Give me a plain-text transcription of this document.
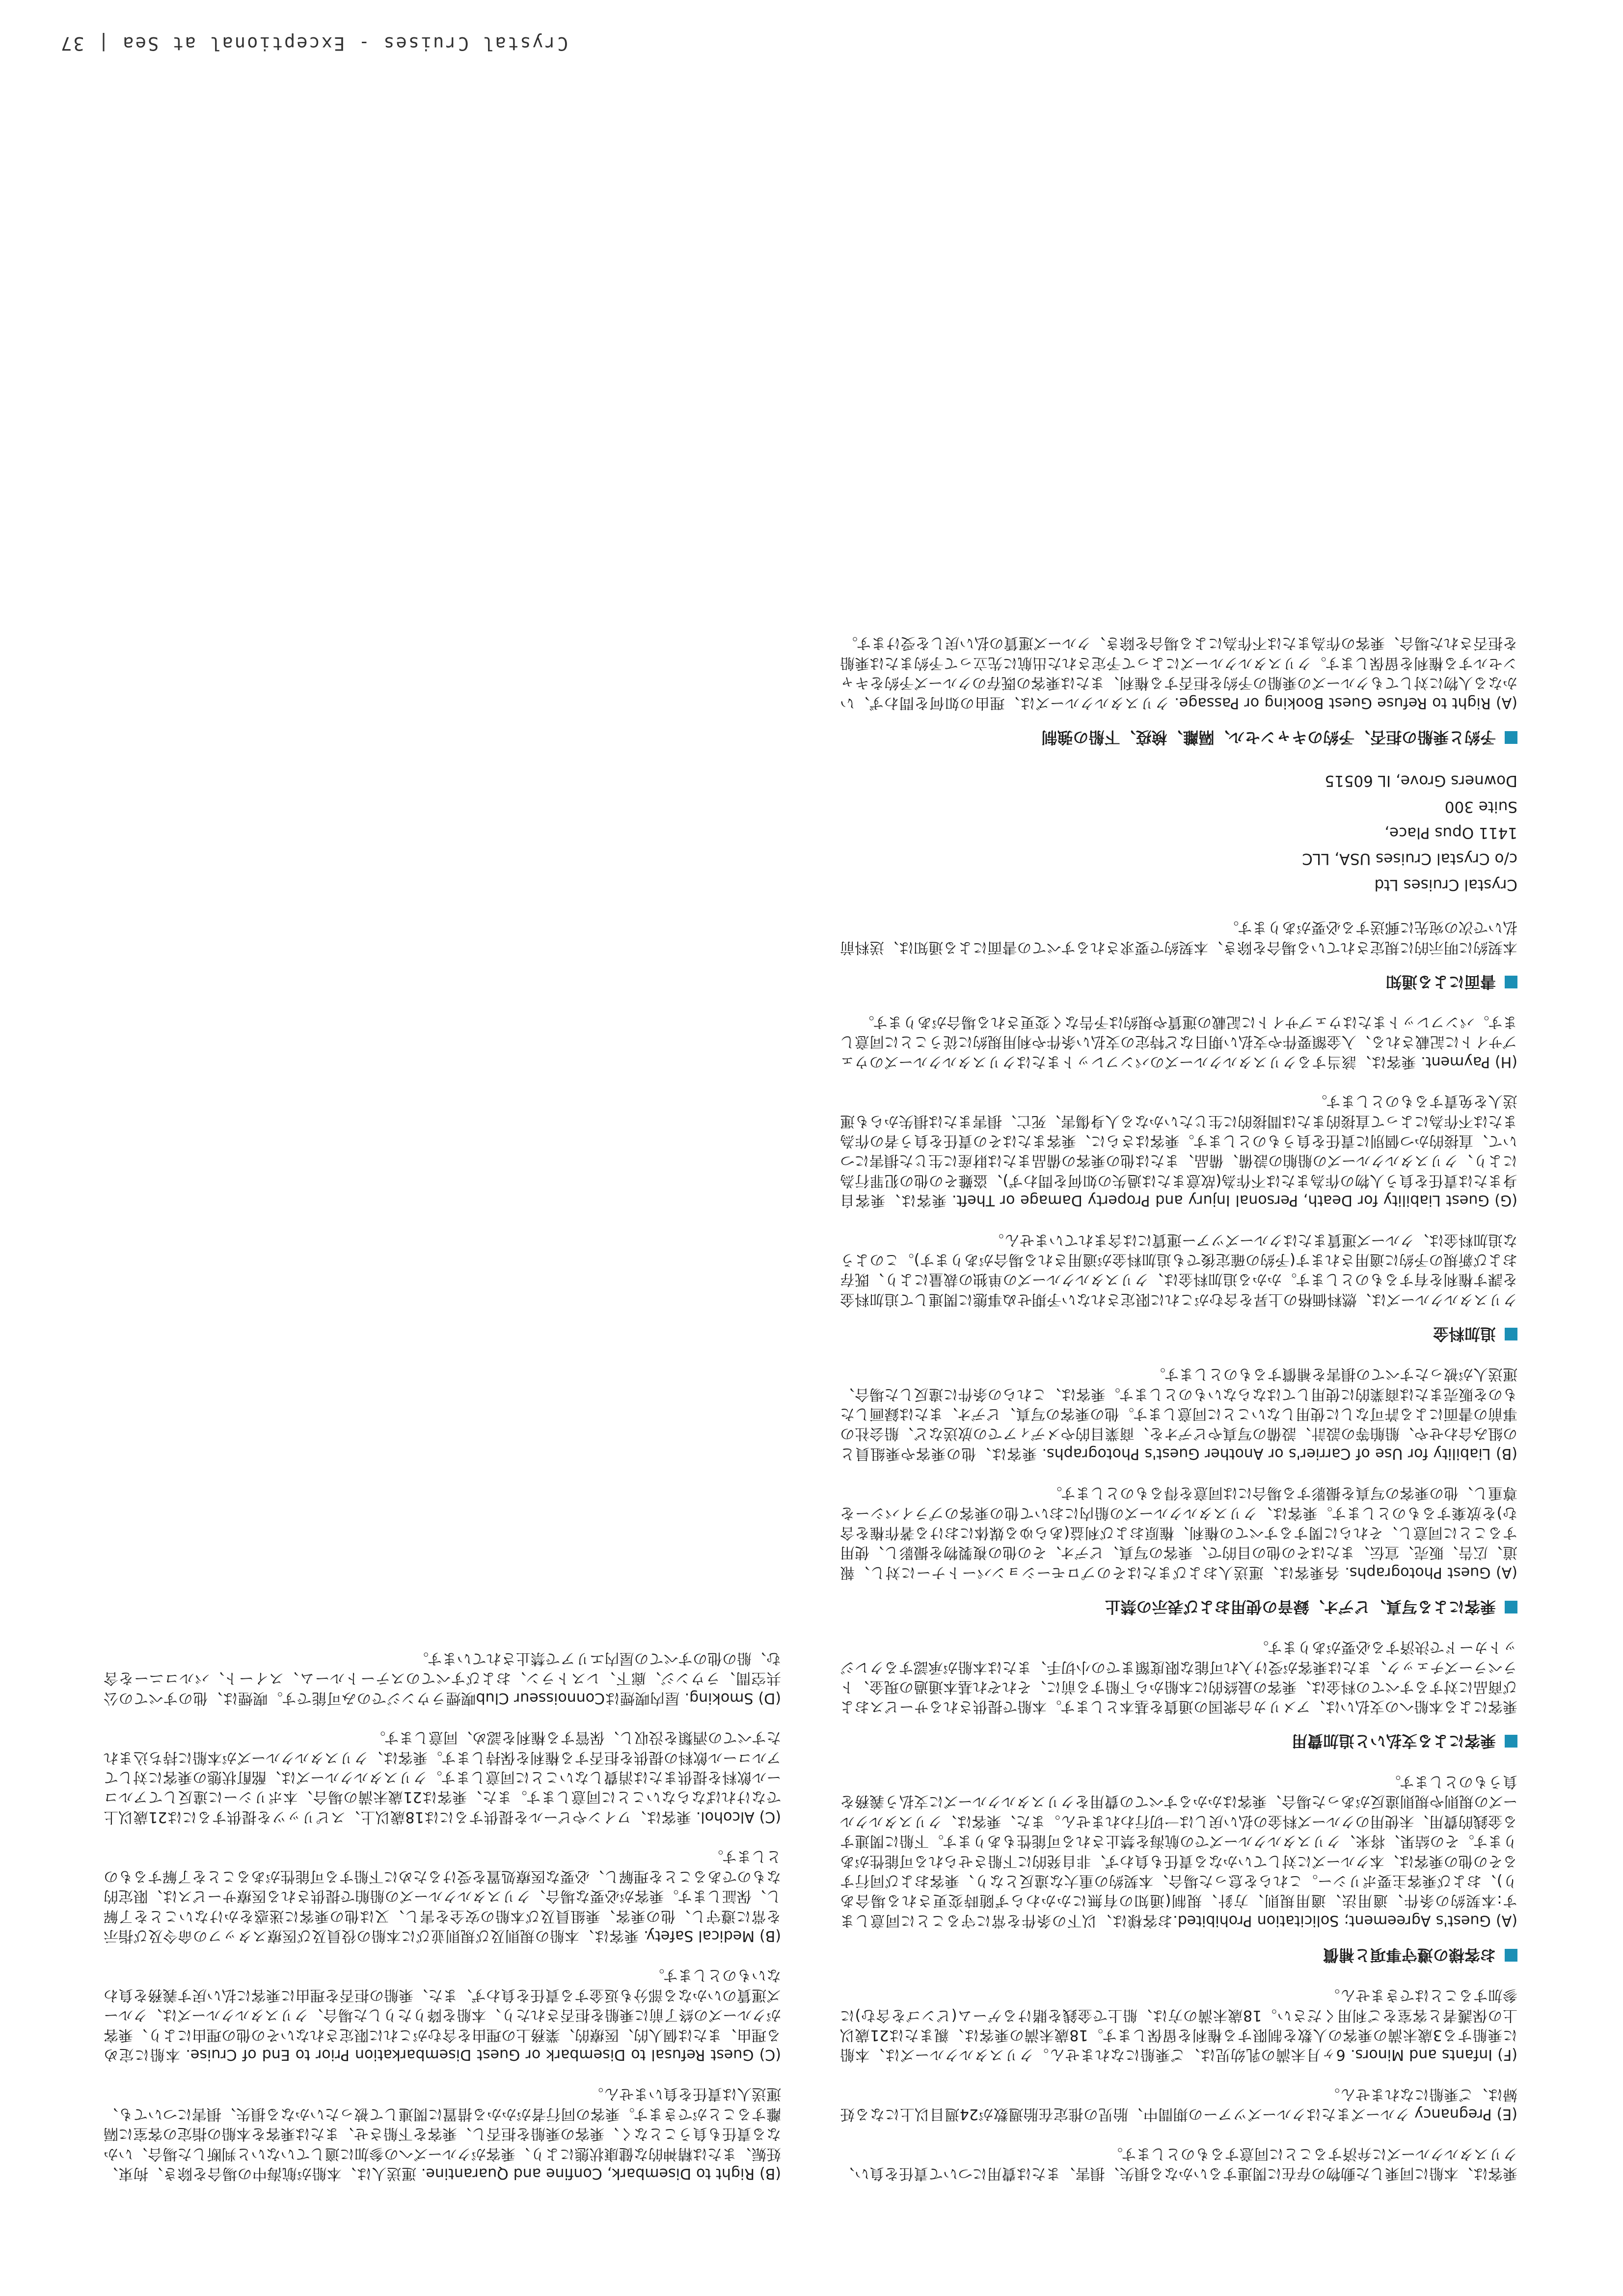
乗客は、本船に同乗した動物の存在に関連するいかなる損失、損害、または費用について責任を負い、クリスタルクルーズに弁済することに同意するものとします。

(E) Pregnancy クルーズまたはクルーズツアーの期間中、胎児の推定在胎週数が24週目以上になる妊婦は、ご乗船になれません。

(F) Infants and Minors. 6ヶ月未満の乳幼児は、ご乗船になれません。クリスタルクルーズは、本船に乗船する3歳未満の乗客の人数を制限する権利を留保します。18歳未満の乗客は、親または21歳以上の保護者と客室をご利用ください。18歳未満の方は、船上で金銭を賭けるゲーム(ビンゴを含む)に参加することはできません。

お客様の遵守事項と補償

(A) Guest's Agreement; Solicitation Prohibited.お客様は、以下の条件を常に守ることに同意します:本契約の条件、適用法、適用規則、方針、規制(通知の有無にかかわらず随時変更される場合あり)、および乗客主要ポリシー。これらを怠った場合、本契約の重大な違反となり、乗客および同行するその他の乗客は、本クルーズに対していかなる責任も負わず、非自発的に下船させられる可能性があります。その結果、将来、クリスタルクルーズでの航海を禁止される可能性もあります。下船に関連する金銭的費用、未使用のクルーズ料金の払い戻しは一切行われません。また、乗客は、クリスタルクルーズの規則や規則違反があった場合、乗客はかかるすべての費用をクリスタルクルーズに支払う義務を負うものとします。

乗客による支払いと追加費用

乗客による本船への支払いは、アメリカ合衆国の通貨を基本とします。本船で提供されるサービスおよび商品に対するすべての料金は、乗客の最終的に本船から下船する前に、それぞれ基本通過の現金、トラベラーズチェック、または乗客が受け入れ可能な限度額までの小切手、または本船が承認するクレジットカードで決済する必要があります。

乗客による写真、ビデオ、録音の使用および表示の禁止

(A) Guest Photographs. 各乗客は、運送人およびまたはそのプロモーションパートナーに対し、報道、広告、販売、宣伝、またはその他の目的で、乗客の写真、ビデオ、その他の複製物を撮影し、使用することに同意し、それらに関するすべての権利、権原および利益(あらゆる媒体における著作権を含む)を放棄するものとします。乗客は、クリスタルクルーズの船内において他の乗客のプライバシーを尊重し、他の乗客の写真を撮影する場合には同意を得るものとします。

(B) Liability for Use of Carrier's or Another Guest's Photographs. 乗客は、他の乗客や乗組員との組み合わせや、船舶等の設計、設備の写真やビデオを、商業目的やメディアでの放送など、船会社の事前の書面による許可なしに使用しないことに同意します。他の乗客の写真、ビデオ、または録画したものを販売または商業的に使用してはならないものとします。乗客は、これらの条件に違反した場合、運送人が被ったすべての損害を補償するものとします。

追加料金

クリスタルクルーズは、燃料価格の上昇を含むがこれに限定されない予期せぬ事態に関連して追加料金を課す権利を有するものとします。かかる追加料金は、クリスタルクルーズの単独の裁量により、既存および新規の予約に適用されます(予約の確定後でも追加料金が適用される場合があります)。このような追加料金は、クルーズ運賃またはクルーズツアー運賃には含まれていません。

(G) Guest Liability for Death, Personal Injury and Property Damage or Theft. 乗客は、乗客自身または責任を負う人物の作為または不作為(故意または過失の如何を問わず)、盗難その他の犯罪行為により、クリスタルクルーズの船舶の設備、備品、または他の乗客の備品または財産に生じた損害について、直接的かつ個別に責任を負うものとします。乗客はさらに、乗客またはその責任を負う者の作為または不作為によって直接的または間接的に生じたいかなる人身傷害、死亡、損害または損失からも運送人を免責するものとします。

(H) Payment. 乗客は、該当するクリスタルクルーズのパンフレットまたはクリスタルクルーズのウェブサイトに記載される、入金額要件や支払い期日など特定の支払い条件や利用規約に従うことに同意します。パンフレットまたはウェブサイトに記載の運賃や規約は予告なく変更される場合があります。

書面による通知

本契約に明示的に規定されている場合を除き、本契約で要求されるすべての書面による通知は、送料前払いで次の宛先に郵送する必要があります。

Crystal Cruises Ltd
c/o Crystal Cruises USA, LLC
1411 Opus Place,
Suite 300
Downers Grove, IL 60515
予約と乗船の拒否、予約のキャンセル、隔離、検疫、下船の強制

(A) Right to Refuse Guest Booking or Passage. クリスタルクルーズは、理由の如何を問わず、いかなる人物に対してもクルーズの乗船の予約を拒否する権利、または乗客の既存のクルーズ予約をキャンセルする権利を留保します。クリスタルクルーズによって予定された出航に先立って予約または乗船を拒否された場合、乗客の作為または不作為による場合を除き、クルーズ運賃の払い戻しを受けます。

(B) Right to Disembark, Confine and Quarantine. 運送人は、本船が航海中の場合を除き、拘束、妊娠、または精神的な健康状態により、乗客がクルーズへの参加に適していないと判断した場合、いかなる責任も負うことなく、乗客の乗船を拒否し、乗客を下船させ、または乗客を本船の指定の客室に隔離することができます。乗客の同行者がかかる措置に関連して被ったいかなる損失、損害についても、運送人は責任を負いません。

(C) Guest Refusal to Disembark or Guest Disembarkation Prior to End of Cruise. 本船に定める理由、または個人的、医療的、業務上の理由を含むがこれに限定されないその他の理由により、乗客がクルーズの終了前に乗船を拒否されたり、本船を降りたりした場合、クリスタルクルーズは、クルーズ運賃のいかなる部分も返金する責任を負わず、また、乗船の拒否を理由に乗客に払い戻す義務を負わないものとします。

(B) Medical Safety. 乗客は、本船の規則及び規則並びに本船の役員及び医療スタッフの命令及び指示を常に遵守し、他の乗客、乗組員及び本船の安全を害し、又は他の乗客に迷惑をかけないことを了解し、保証します。乗客が必要な場合、クリスタルクルーズの船舶で提供される医療サービスは、限定的なものであることを理解し、必要な医療処置を受けるために下船する可能性があることを了解するものとします。

(C) Alcohol. 乗客は、ワインやビールを提供するには18歳以上、スピリッツを提供するには21歳以上でなければならないことに同意します。また、乗客は21歳未満の場合、本ポリシーに違反してアルコール飲料を提供または消費しないことに同意します。クリスタルクルーズは、酩酊状態の乗客に対してアルコール飲料の提供を拒否する権利を保持します。乗客は、クリスタルクルーズが本船に持ち込まれたすべての酒類を没収し、保管する権利を認め、同意します。

(D) Smoking. 屋内喫煙はConnoisseur Club喫煙ラウンジでのみ可能です。喫煙は、他のすべての公共空間、ラウンジ、廊下、レストラン、およびすべてのステートルーム、スイート、バルコニーを含む、船の他のすべての屋内エリアで禁止されています。

Crystal Cruises - Exceptional at Sea | 37
